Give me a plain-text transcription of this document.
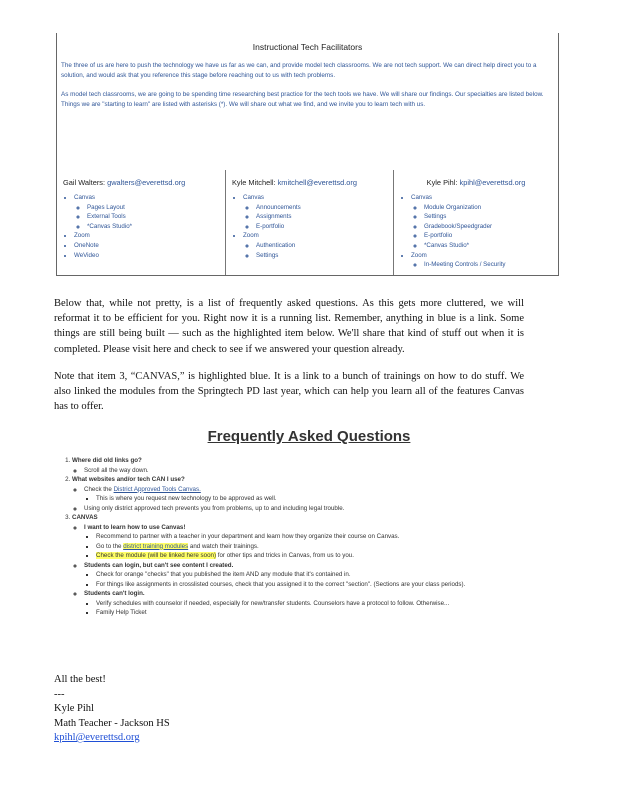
Instructional Tech Facilitators
The three of us are here to push the technology we have us far as we can, and provide model tech classrooms. We are not tech support. We can direct help direct you to a solution, and would ask that you reference this stage before reaching out to us with tech problems.
As model tech classrooms, we are going to be spending time researching best practice for the tech tools we have. We will share our findings. Our specialties are listed below. Things we are "starting to learn" are listed with asterisks (*). We will share out what we find, and we invite you to learn tech with us.
Gail Walters: gwalters@everettsd.org
• Canvas
◦ Pages Layout
◦ External Tools
◦ *Canvas Studio*
• Zoom
• OneNote
• WeVideo
Kyle Mitchell: kmitchell@everettsd.org
• Canvas
◦ Announcements
◦ Assignments
◦ E-portfolio
• Zoom
◦ Authentication
◦ Settings
Kyle Pihl: kpihl@everettsd.org
• Canvas
◦ Module Organization
◦ Settings
◦ Gradebook/Speedgrader
◦ E-portfolio
◦ *Canvas Studio*
• Zoom
◦ In-Meeting Controls / Security
Below that, while not pretty, is a list of frequently asked questions. As this gets more cluttered, we will reformat it to be efficient for you. Right now it is a running list. Remember, anything in blue is a link. Some things are still being built — such as the highlighted item below. We'll share that kind of stuff out when it is completed. Please visit here and check to see if we answered your question already.
Note that item 3, “CANVAS,” is highlighted blue. It is a link to a bunch of trainings on how to do stuff. We also linked the modules from the Springtech PD last year, which can help you learn all of the features Canvas has to offer.
Frequently Asked Questions
1. Where did old links go?
◦ Scroll all the way down.
2. What websites and/or tech CAN I use?
◦ Check the District Approved Tools Canvas.
▪ This is where you request new technology to be approved as well.
◦ Using only district approved tech prevents you from problems, up to and including legal trouble.
3. CANVAS
◦ I want to learn how to use Canvas!
▪ Recommend to partner with a teacher in your department and learn how they organize their course on Canvas.
▪ Go to the district training modules and watch their trainings.
▪ Check the module (will be linked here soon) for other tips and tricks in Canvas, from us to you.
◦ Students can login, but can't see content I created.
▪ Check for orange "checks" that you published the item AND any module that it's contained in.
▪ For things like assignments in crosslisted courses, check that you assigned it to the correct "section". (Sections are your class periods).
◦ Students can't login.
▪ Verify schedules with counselor if needed, especially for new/transfer students. Counselors have a protocol to follow. Otherwise...
▪ Family Help Ticket
All the best!
---
Kyle Pihl
Math Teacher - Jackson HS
kpihl@everettsd.org
